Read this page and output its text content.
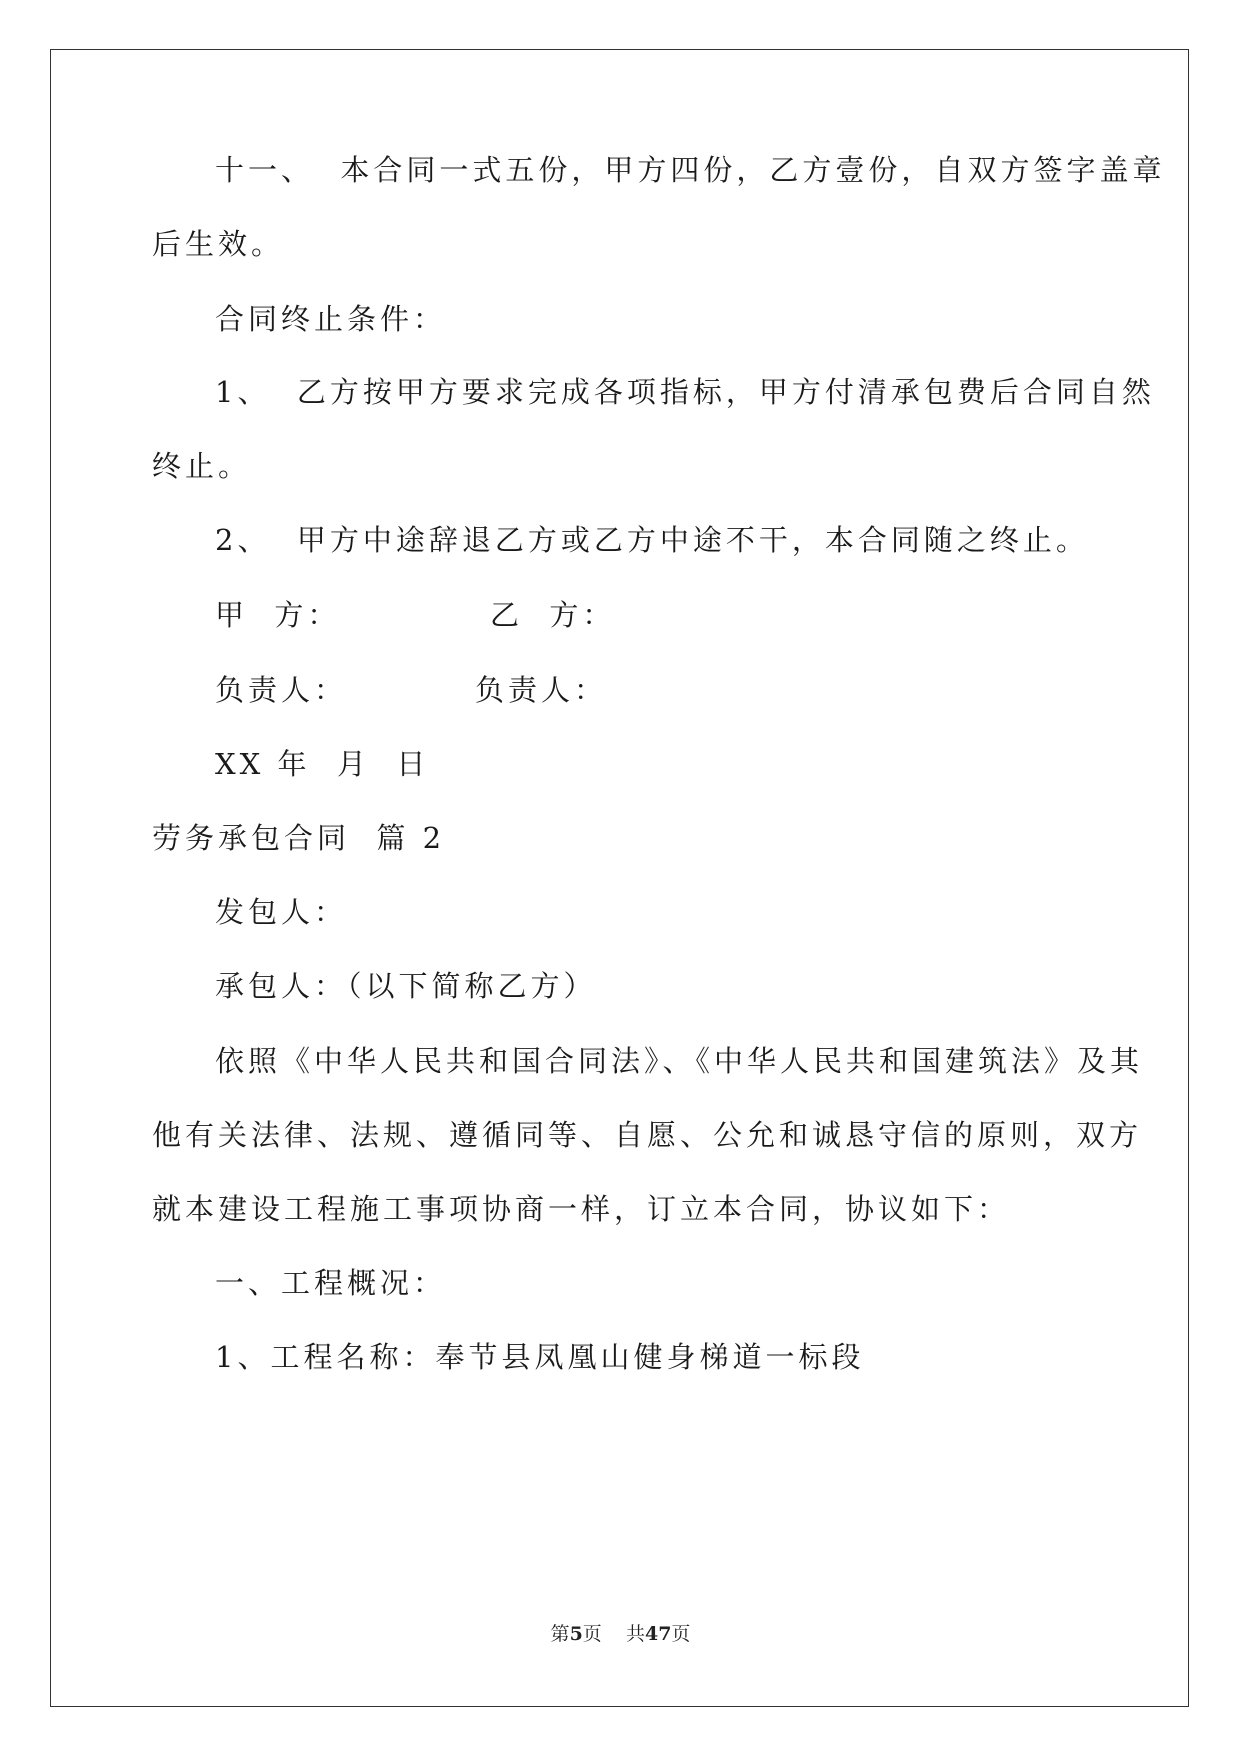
十一、  本合同一式五份，甲方四份，乙方壹份，自双方签字盖章
后生效。
合同终止条件：
1、  乙方按甲方要求完成各项指标，甲方付清承包费后合同自然
终止。
2、  甲方中途辞退乙方或乙方中途不干，本合同随之终止。
甲  方：	乙  方：
负责人：	负责人：
XX 年  月  日
劳务承包合同  篇 2
发包人：
承包人：（以下简称乙方）
依照《中华人民共和国合同法》、《中华人民共和国建筑法》及其
他有关法律、法规、遵循同等、自愿、公允和诚恳守信的原则，双方
就本建设工程施工事项协商一样，订立本合同，协议如下：
一、工程概况：
1、工程名称：奉节县凤凰山健身梯道一标段
第5页    共47页
